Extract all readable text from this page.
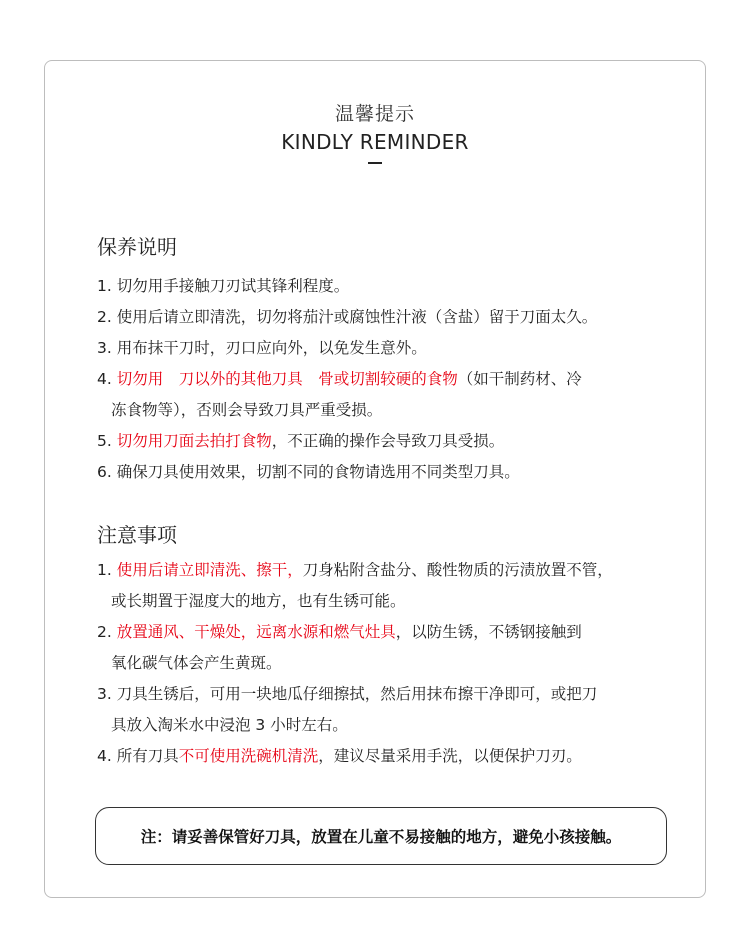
温馨提示
KINDLY REMINDER
保养说明
1. 切勿用手接触刀刃试其锋利程度。
2. 使用后请立即清洗，切勿将茄汁或腐蚀性汁液（含盐）留于刀面太久。
3. 用布抹干刀时，刃口应向外，以免发生意外。
4. 切勿用　刀以外的其他刀具　骨或切割较硬的食物（如干制药材、冷
冻食物等），否则会导致刀具严重受损。
5. 切勿用刀面去拍打食物，不正确的操作会导致刀具受损。
6. 确保刀具使用效果，切割不同的食物请选用不同类型刀具。
注意事项
1. 使用后请立即清洗、擦干，刀身粘附含盐分、酸性物质的污渍放置不管，
或长期置于湿度大的地方，也有生锈可能。
2. 放置通风、干燥处，远离水源和燃气灶具，以防生锈，不锈钢接触到
氧化碳气体会产生黄斑。
3. 刀具生锈后，可用一块地瓜仔细擦拭，然后用抹布擦干净即可，或把刀
具放入淘米水中浸泡 3 小时左右。
4. 所有刀具不可使用洗碗机清洗，建议尽量采用手洗，以便保护刀刃。
注：请妥善保管好刀具，放置在儿童不易接触的地方，避免小孩接触。
